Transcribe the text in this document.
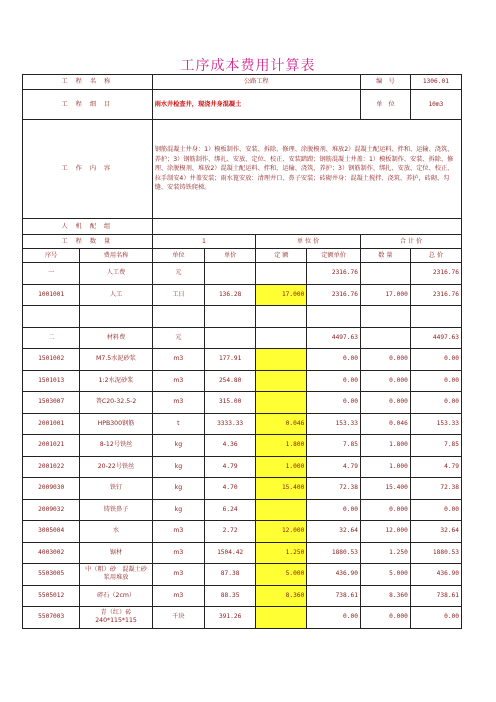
工序成本费用计算表
工 程 名 称		公路工程				编　号	1306.01
工 程 细 目		雨水井检查井，现浇井身混凝土				单　位	10m3
工 作 内 容		钢筋混凝土井身：1）模板制作、安装、拆除、修理、涂脱模剂、堆放2）混凝土配运料、拌和、运输、浇筑、养护；3）钢筋制作、绑扎、安放、定位、校正、安装踏蹬；钢筋混凝土井盖：1）模板制作、安装、拆除、修理、涂脱模剂、堆放2）混凝土配运料、拌和、运输、浇筑、养护；3）钢筋制作、绑扎、安放、定位、校正、拉手制安4）井盖安装；雨水篦安放：清理井口、鼻子安装；砖砌井身：混凝土搅拌、浇筑、养护，砖砌、勾缝、安装铸铁爬梯。					
人 机 配 组							
工 程 数 量		1		单 位 价		合 计 价	
序号	费用名称	单位	单价	定 额	定额单价	数 量	总 价
一	人工费	元			2316.76		2316.76
1001001	人工	工日	136.28	17.000	2316.76	17.000	2316.76

二	材料费	元			4497.63		4497.63
1501002	M7.5水泥砂浆	m3	177.91		0.00	0.000	0.00
1501013	1:2水泥砂浆	m3	254.80		0.00	0.000	0.00
1503007	普C20-32.5-2	m3	315.00		0.00	0.000	0.00
2001001	HPB300钢筋	t	3333.33	0.046	153.33	0.046	153.33
2001021	8-12号铁丝	kg	4.36	1.800	7.85	1.800	7.85
2001022	20-22号铁丝	kg	4.79	1.000	4.79	1.000	4.79
2009030	铁钉	kg	4.70	15.400	72.38	15.400	72.38
2009032	铸铁鼻子	kg	6.24		0.00	0.000	0.00
3005004	水	m3	2.72	12.000	32.64	12.000	32.64
4003002	锯材	m3	1504.42	1.250	1880.53	1.250	1880.53
5503005	中（粗）砂　混凝土砂浆用堆放	m3	87.38	5.000	436.90	5.000	436.90
5505012	碎石（2cm）	m3	88.35	8.360	738.61	8.360	738.61
5507003	青（红）砖 240*115*115	千块	391.26		0.00	0.000	0.00
